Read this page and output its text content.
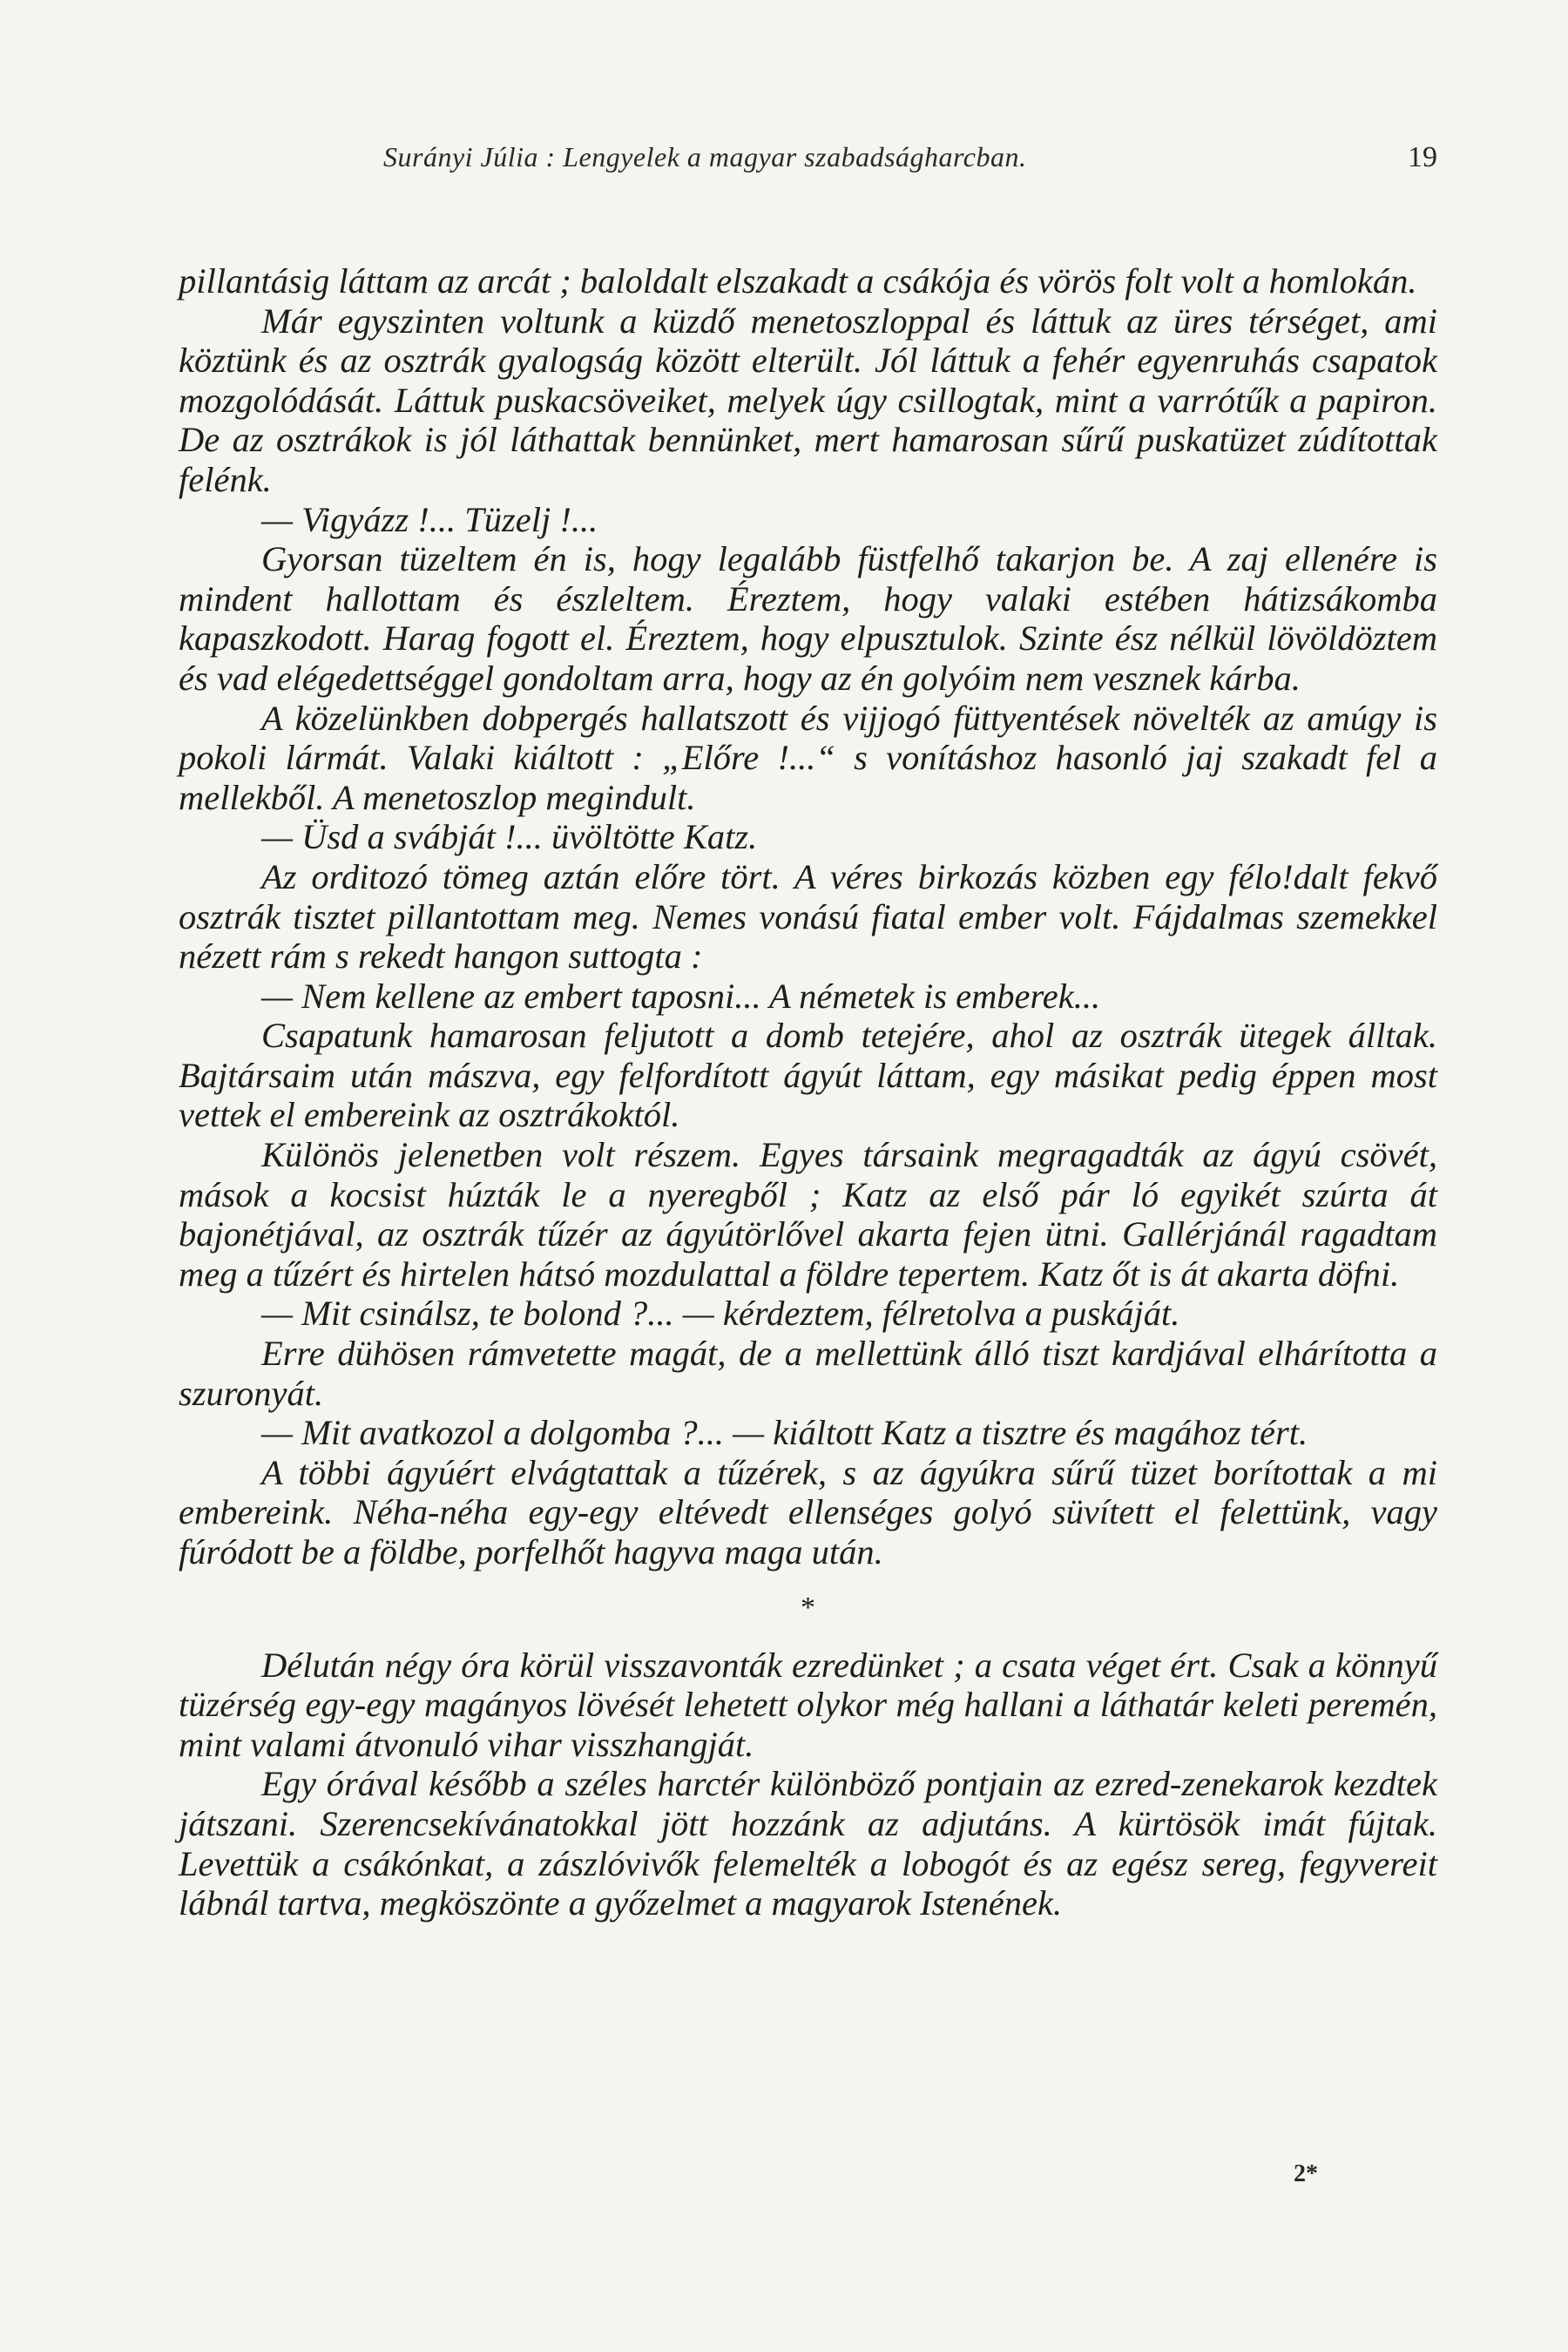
Surányi Júlia : Lengyelek a magyar szabadságharcban.	19

pillantásig láttam az arcát ; baloldalt elszakadt a csákója és vörös folt volt a homlokán.

Már egyszinten voltunk a küzdő menetoszloppal és láttuk az üres térséget, ami köztünk és az osztrák gyalogság között elterült. Jól láttuk a fehér egyenruhás csapatok mozgolódását. Láttuk puskacsöveiket, melyek úgy csillogtak, mint a varrótűk a papiron. De az osztrákok is jól láthattak bennünket, mert hamarosan sűrű puskatüzet zúdítottak felénk.

— Vigyázz !... Tüzelj !...

Gyorsan tüzeltem én is, hogy legalább füstfelhő takarjon be. A zaj ellenére is mindent hallottam és észleltem. Éreztem, hogy valaki estében hátizsákomba kapaszkodott. Harag fogott el. Éreztem, hogy elpusztulok. Szinte ész nélkül lövöldöztem és vad elégedettséggel gondoltam arra, hogy az én golyóim nem vesznek kárba.

A közelünkben dobpergés hallatszott és vijjogó füttyentések növelték az amúgy is pokoli lármát. Valaki kiáltott : „Előre !...“ s vonításhoz hasonló jaj szakadt fel a mellekből. A menetoszlop megindult.

— Üsd a svábját !... üvöltötte Katz.

Az orditozó tömeg aztán előre tört. A véres birkozás közben egy félo!dalt fekvő osztrák tisztet pillantottam meg. Nemes vonású fiatal ember volt. Fájdalmas szemekkel nézett rám s rekedt hangon suttogta :

— Nem kellene az embert taposni... A németek is emberek...

Csapatunk hamarosan feljutott a domb tetejére, ahol az osztrák ütegek álltak. Bajtársaim után mászva, egy felfordított ágyút láttam, egy másikat pedig éppen most vettek el embereink az osztrákoktól.

Különös jelenetben volt részem. Egyes társaink megragadták az ágyú csövét, mások a kocsist húzták le a nyeregből ; Katz az első pár ló egyikét szúrta át bajonétjával, az osztrák tűzér az ágyútörlővel akarta fejen ütni. Gallérjánál ragadtam meg a tűzért és hirtelen hátsó mozdulattal a földre tepertem. Katz őt is át akarta döfni.

— Mit csinálsz, te bolond ?... — kérdeztem, félretolva a puskáját.

Erre dühösen rámvetette magát, de a mellettünk álló tiszt kardjával elhárította a szuronyát.

— Mit avatkozol a dolgomba ?... — kiáltott Katz a tisztre és magához tért.

A többi ágyúért elvágtattak a tűzérek, s az ágyúkra sűrű tüzet borítottak a mi embereink. Néha-néha egy-egy eltévedt ellenséges golyó süvített el felettünk, vagy fúródott be a földbe, porfelhőt hagyva maga után.

*

Délután négy óra körül visszavonták ezredünket ; a csata véget ért. Csak a könnyű tüzérség egy-egy magányos lövését lehetett olykor még hallani a láthatár keleti peremén, mint valami átvonuló vihar visszhangját.

Egy órával később a széles harctér különböző pontjain az ezred-zenekarok kezdtek játszani. Szerencsekívánatokkal jött hozzánk az adjutáns. A kürtösök imát fújtak. Levettük a csákónkat, a zászlóvivők felemelték a lobogót és az egész sereg, fegyvereit lábnál tartva, megköszönte a győzelmet a magyarok Istenének.

2*
